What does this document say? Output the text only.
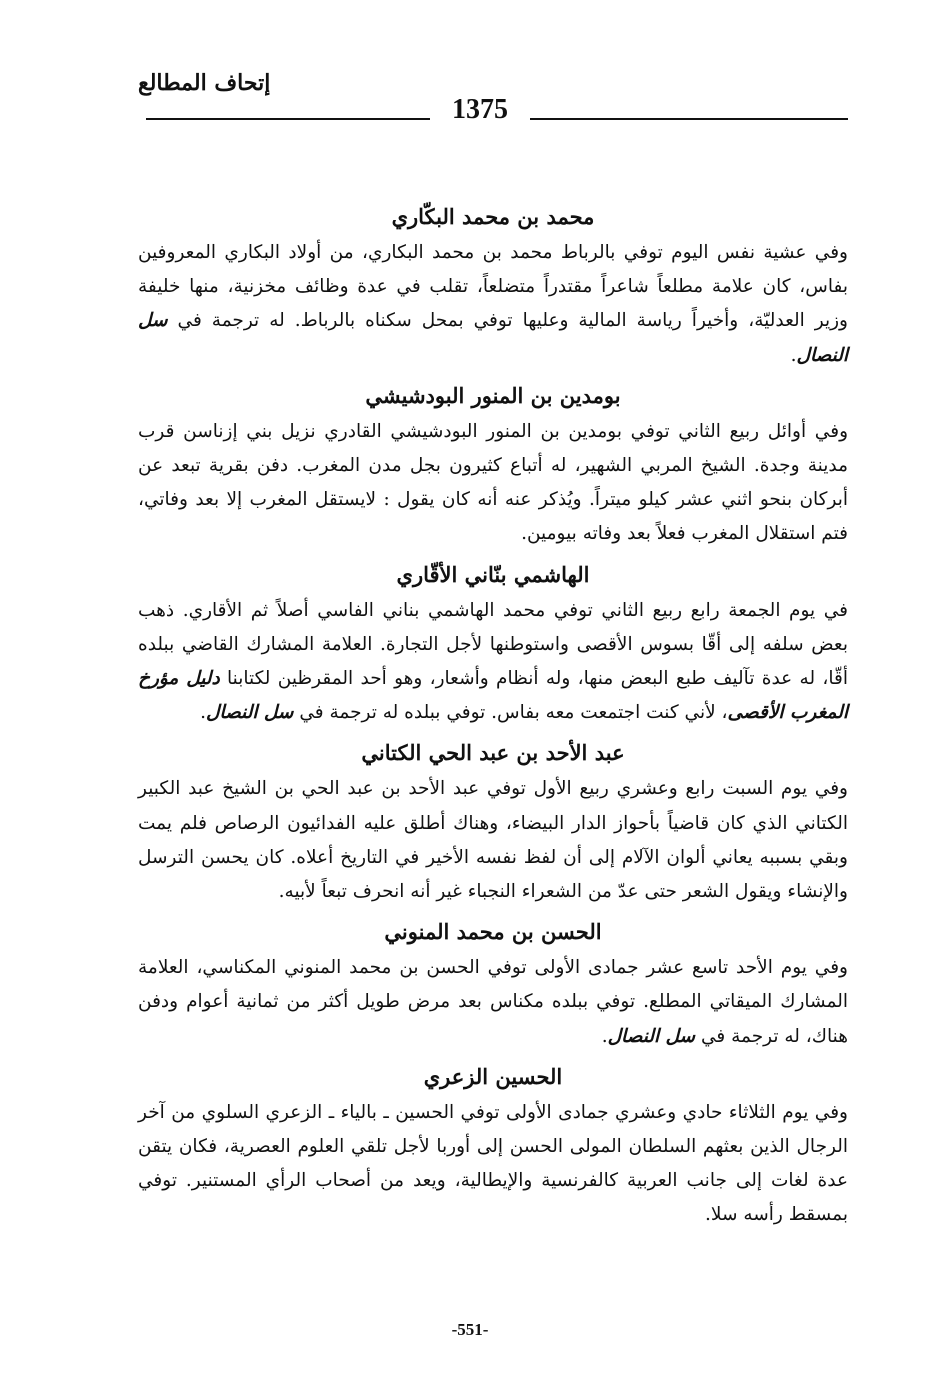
إتحاف المطالع
1375
محمد بن محمد البكّاري

وفي عشية نفس اليوم توفي بالرباط محمد بن محمد البكاري، من أولاد البكاري المعروفين بفاس، كان علامة مطلعاً شاعراً مقتدراً متضلعاً، تقلب في عدة وظائف مخزنية، منها خليفة وزير العدليّة، وأخيراً رياسة المالية وعليها توفي بمحل سكناه بالرباط. له ترجمة في سل النصال.

بومدين بن المنور البودشيشي

وفي أوائل ربيع الثاني توفي بومدين بن المنور البودشيشي القادري نزيل بني إزناسن قرب مدينة وجدة. الشيخ المربي الشهير، له أتباع كثيرون بجل مدن المغرب. دفن بقرية تبعد عن أبركان بنحو اثني عشر كيلو ميتراً. ويُذكر عنه أنه كان يقول : لايستقل المغرب إلا بعد وفاتي، فتم استقلال المغرب فعلاً بعد وفاته بيومين.

الهاشمي بنّاني الأقّاري

في يوم الجمعة رابع ربيع الثاني توفي محمد الهاشمي بناني الفاسي أصلاً ثم الأقاري. ذهب بعض سلفه إلى أقّا بسوس الأقصى واستوطنها لأجل التجارة. العلامة المشارك القاضي ببلده أقّا، له عدة تآليف طبع البعض منها، وله أنظام وأشعار، وهو أحد المقرظين لكتابنا دليل مؤرخ المغرب الأقصى، لأني كنت اجتمعت معه بفاس. توفي ببلده له ترجمة في سل النصال.

عبد الأحد بن عبد الحي الكتاني

وفي يوم السبت رابع وعشري ربيع الأول توفي عبد الأحد بن عبد الحي بن الشيخ عبد الكبير الكتاني الذي كان قاضياً بأحواز الدار البيضاء، وهناك أطلق عليه الفدائيون الرصاص فلم يمت وبقي بسببه يعاني ألوان الآلام إلى أن لفظ نفسه الأخير في التاريخ أعلاه. كان يحسن الترسل والإنشاء ويقول الشعر حتى عدّ من الشعراء النجباء غير أنه انحرف تبعاً لأبيه.

الحسن بن محمد المنوني

وفي يوم الأحد تاسع عشر جمادى الأولى توفي الحسن بن محمد المنوني المكناسي، العلامة المشارك الميقاتي المطلع. توفي ببلده مكناس بعد مرض طويل أكثر من ثمانية أعوام ودفن هناك، له ترجمة في سل النصال.

الحسين الزعري

وفي يوم الثلاثاء حادي وعشري جمادى الأولى توفي الحسين ـ بالياء ـ الزعري السلوي من آخر الرجال الذين بعثهم السلطان المولى الحسن إلى أوربا لأجل تلقي العلوم العصرية، فكان يتقن عدة لغات إلى جانب العربية كالفرنسية والإيطالية، ويعد من أصحاب الرأي المستنير. توفي بمسقط رأسه سلا.

-551-
